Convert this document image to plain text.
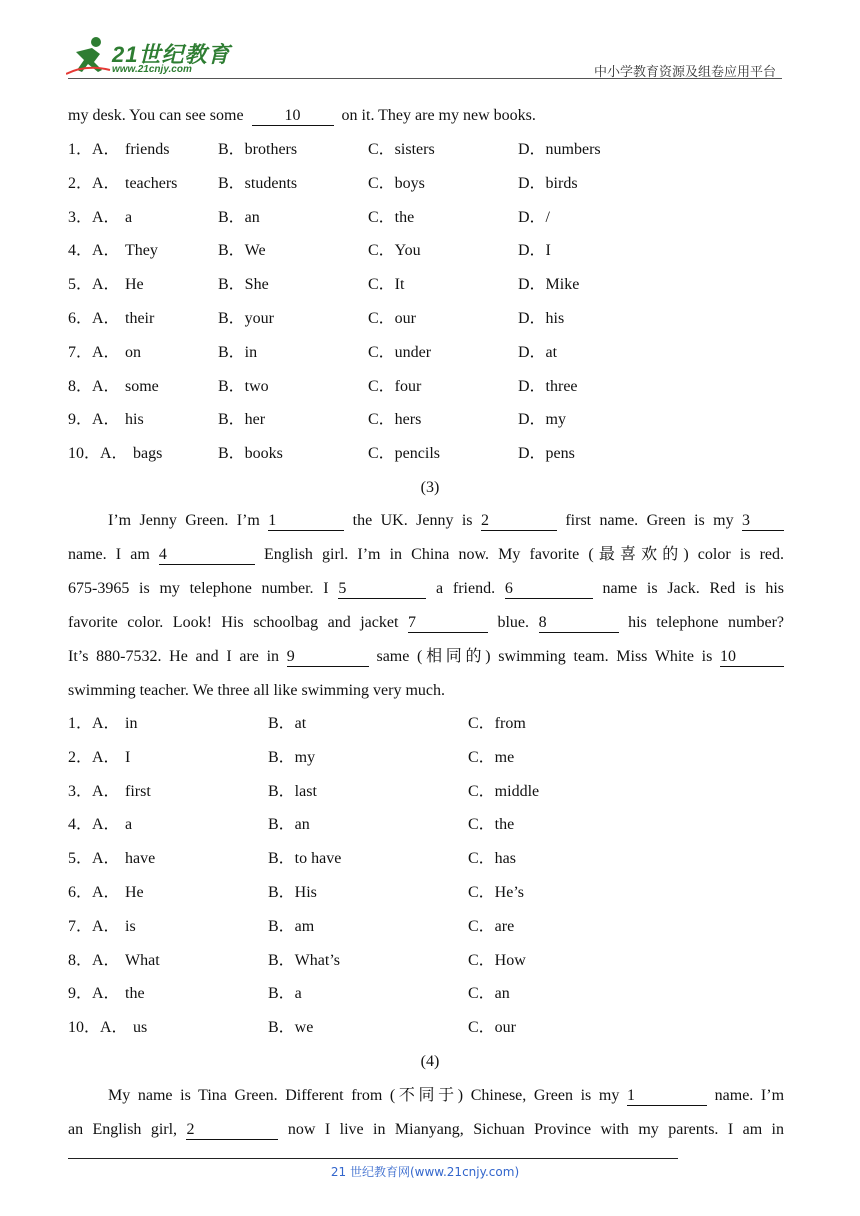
21世纪教育
www.21cnjy.com	中小学教育资源及组卷应用平台
my desk. You can see some	10	on it. They are my new books.
1．A． friends	B．brothers	C．sisters	D．numbers
2．A． teachers	B．students	C．boys	D．birds
3．A． a	B．an	C．the	D．/
4．A． They	B．We	C．You	D．I
5．A． He	B．She	C．It	D．Mike
6．A． their	B．your	C．our	D．his
7．A． on	B．in	C．under	D．at
8．A． some	B．two	C．four	D．three
9．A． his	B．her	C．hers	D．my
10．A． bags	B．books	C．pencils	D．pens
(3)
I’m Jenny Green. I’m 1	the UK. Jenny is 2	first name. Green is my 3
name. I am 4	English girl. I’m in China now. My favorite (最喜欢的) color is red.
675-3965 is my telephone number. I 5	a friend. 6	name is Jack. Red is his
favorite color. Look! His schoolbag and jacket 7	blue. 8	his telephone number?
It’s 880-7532. He and I are in 9	same (相同的) swimming team. Miss White is 10
swimming teacher. We three all like swimming very much.
1．A． in	B．at	C．from
2．A． I	B．my	C．me
3．A． first	B．last	C．middle
4．A． a	B．an	C．the
5．A． have	B．to have	C．has
6．A． He	B．His	C．He’s
7．A． is	B．am	C．are
8．A． What	B．What’s	C．How
9．A． the	B．a	C．an
10．A． us	B．we	C．our
(4)
My name is Tina Green. Different from (不同于) Chinese, Green is my 1	name. I’m
an English girl, 2	now I live in Mianyang, Sichuan Province with my parents. I am in
21 世纪教育网(www.21cnjy.com)
